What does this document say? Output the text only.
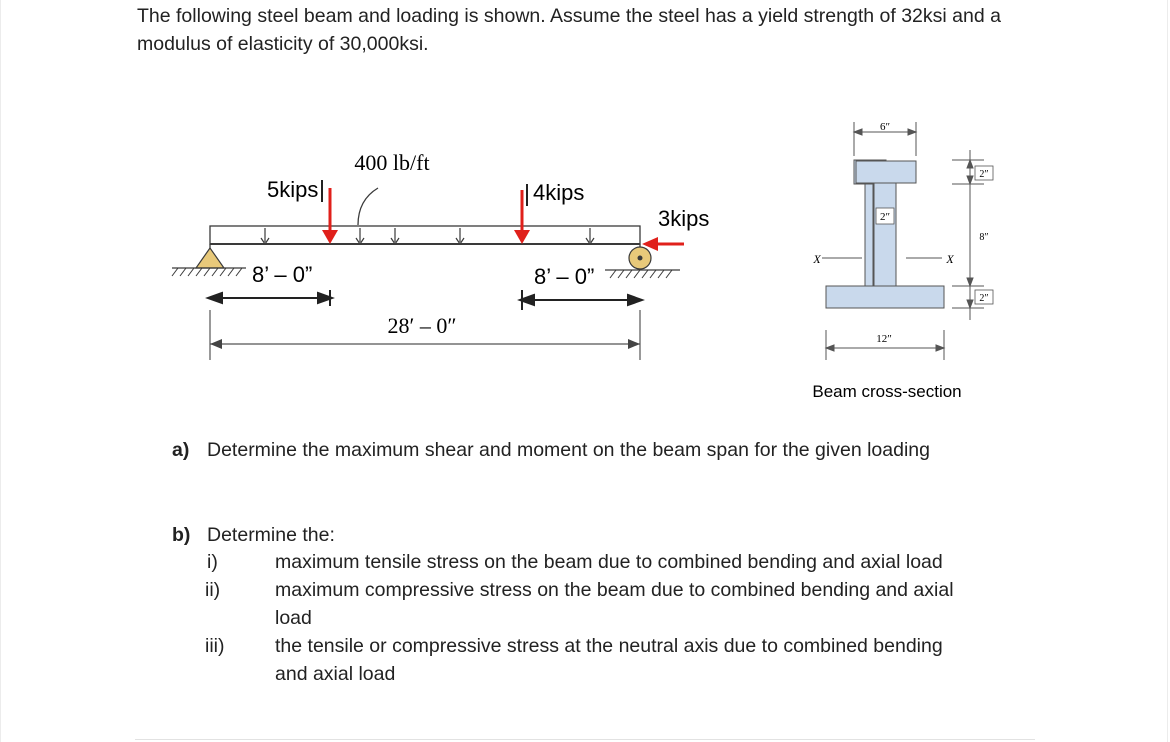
The following steel beam and loading is shown. Assume the steel has a yield strength of 32ksi and a modulus of elasticity of 30,000ksi.
400 lb/ft
5kips	4kips
3kips
8’ – 0”	8’ – 0”
28′ – 0″
2″
6″
12″
X	X
2″
8″
2″
Beam cross-section
a) Determine the maximum shear and moment on the beam span for the given loading
b) Determine the:
i)	maximum tensile stress on the beam due to combined bending and axial load
ii)	maximum compressive stress on the beam due to combined bending and axial
load
iii)	the tensile or compressive stress at the neutral axis due to combined bending
and axial load
